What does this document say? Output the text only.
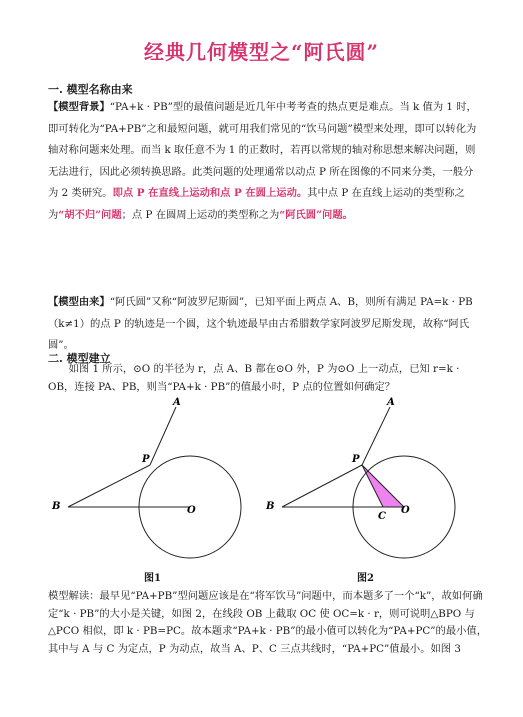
经典几何模型之“阿氏圆”
一. 模型名称由来

【模型背景】“PA+k · PB”型的最值问题是近几年中考考查的热点更是难点。当 k 值为 1 时，即可转化为“PA+PB”之和最短问题，就可用我们常见的“饮马问题”模型来处理，即可以转化为轴对称问题来处理。而当 k 取任意不为 1 的正数时，若再以常规的轴对称思想来解决问题，则无法进行，因此必须转换思路。此类问题的处理通常以动点 P 所在图像的不同来分类，一般分为 2 类研究。即点 P 在直线上运动和点 P 在圆上运动。其中点 P 在直线上运动的类型称之为“胡不归”问题；点 P 在圆周上运动的类型称之为“阿氏圆”问题。

【模型由来】“阿氏圆”又称“阿波罗尼斯圆”，已知平面上两点 A、B，则所有满足 PA=k · PB（k≠1）的点 P 的轨迹是一个圆，这个轨迹最早由古希腊数学家阿波罗尼斯发现，故称“阿氏圆”。

二. 模型建立

如图 1 所示，⊙O 的半径为 r，点 A、B 都在⊙O 外，P 为⊙O 上一动点，已知 r=k · OB，连接 PA、PB，则当“PA+k · PB”的值最小时，P 点的位置如何确定？

A
P
B	O
A
P
B
C
O
图1	图2

模型解读：最早见“PA+PB”型问题应该是在“将军饮马”问题中，而本题多了一个“k”，故如何确定“k · PB”的大小是关键，如图 2，在线段 OB 上截取 OC 使 OC=k · r，则可说明△BPO 与△PCO 相似，即 k · PB=PC。故本题求“PA+k · PB”的最小值可以转化为“PA+PC”的最小值，其中与 A 与 C 为定点，P 为动点，故当 A、P、C 三点共线时，“PA+PC”值最小。如图 3
